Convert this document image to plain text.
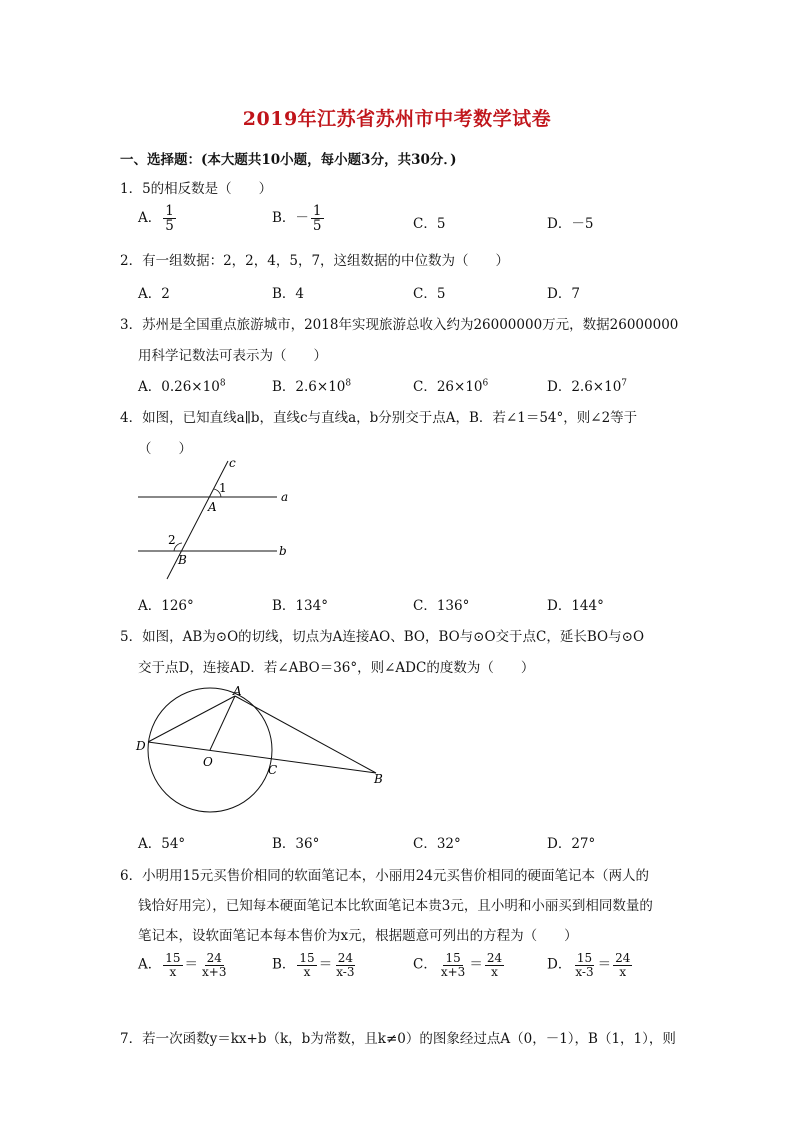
2019年江苏省苏州市中考数学试卷
一、选择题：(本大题共10小题，每小题3分，共30分．)
1．5的相反数是（　　）
A． $\frac{1}{5}$	B．－ $\frac{1}{5}$	C．5	D．－5
2．有一组数据：2，2，4，5，7，这组数据的中位数为（　　）
A．2	B．4	C．5	D．7
3．苏州是全国重点旅游城市，2018年实现旅游总收入约为26000000万元，数据26000000
用科学记数法可表示为（　　）
A．$0.26\times 10^8$	B．$2.6\times 10^8$	C．$26\times 10^6$	D．$2.6\times 10^7$
4．如图，已知直线a∥b，直线c与直线a，b分别交于点A，B．若∠1＝54°，则∠2等于
（　　）
c
a
b
A
B
1
2
A．126°	B．134°	C．136°	D．144°
5．如图，AB为⊙O的切线，切点为A连接AO、BO，BO与⊙O交于点C，延长BO与⊙O
交于点D，连接AD．若∠ABO＝36°，则∠ADC的度数为（　　）
A
B
C
D
O
A．54°	B．36°	C．32°	D．27°
6．小明用15元买售价相同的软面笔记本，小丽用24元买售价相同的硬面笔记本（两人的
钱恰好用完），已知每本硬面笔记本比软面笔记本贵3元，且小明和小丽买到相同数量的
笔记本，设软面笔记本每本售价为x元，根据题意可列出的方程为（　　）
A． $\frac{15}{x} = \frac{24}{x+3}$	B． $\frac{15}{x} = \frac{24}{x-3}$	C． $\frac{15}{x+3} = \frac{24}{x}$	D． $\frac{15}{x-3} = \frac{24}{x}$
7．若一次函数y＝kx+b（k，b为常数，且k≠0）的图象经过点A（0，－1），B（1，1），则
